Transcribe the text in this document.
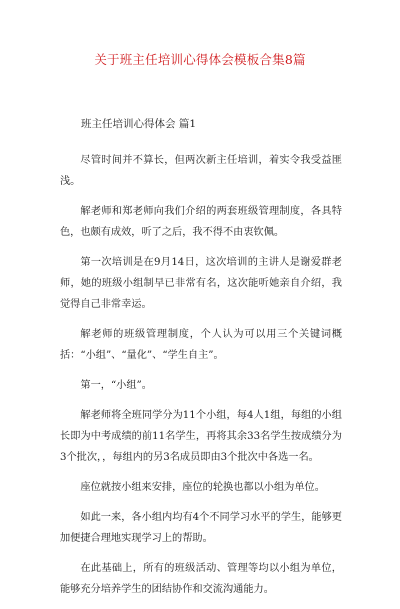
关于班主任培训心得体会模板合集8篇
班主任培训心得体会 篇1

尽管时间并不算长，但两次新主任培训，着实令我受益匪浅。

解老师和郑老师向我们介绍的两套班级管理制度，各具特色，也颇有成效，听了之后，我不得不由衷钦佩。

第一次培训是在9月14日，这次培训的主讲人是谢爱群老师，她的班级小组制早已非常有名，这次能听她亲自介绍，我觉得自己非常幸运。

解老师的班级管理制度，个人认为可以用三个关键词概括：“小组”、“量化”、“学生自主”。

第一，“小组”。

解老师将全班同学分为11个小组，每4人1组，每组的小组长即为中考成绩的前11名学生，再将其余33名学生按成绩分为3个批次，，每组内的另3名成员即由3个批次中各选一名。

座位就按小组来安排，座位的轮换也都以小组为单位。

如此一来，各小组内均有4个不同学习水平的学生，能够更加便捷合理地实现学习上的帮助。

在此基础上，所有的班级活动、管理等均以小组为单位，能够充分培养学生的团结协作和交流沟通能力。
